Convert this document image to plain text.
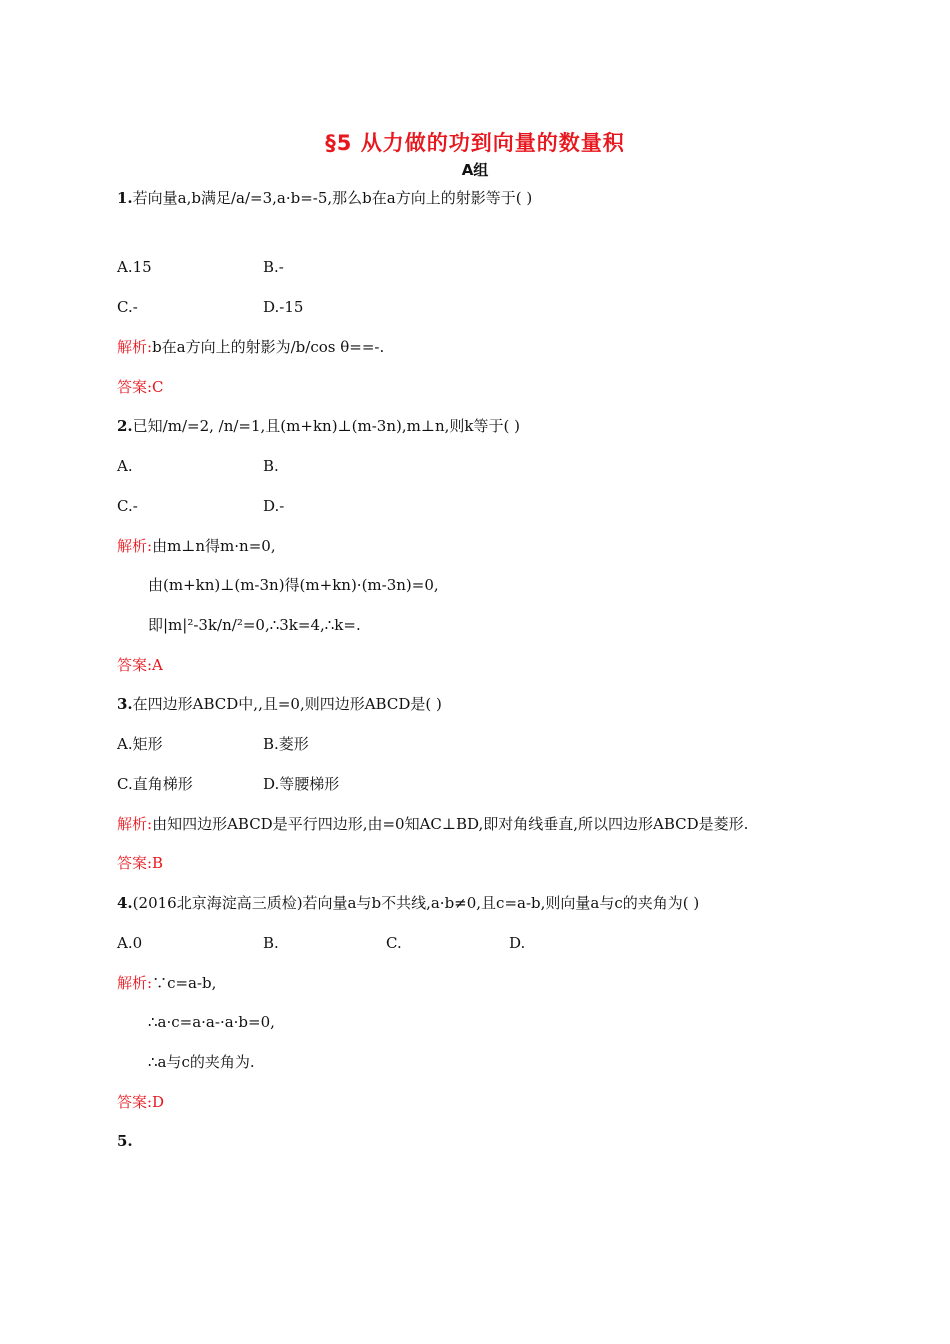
§5 从力做的功到向量的数量积
A组
1.若向量a,b满足/a/=3,a·b=-5,那么b在a方向上的射影等于( )
A.15	B.-
C.-	D.-15
解析:b在a方向上的射影为/b/cos θ==-.
答案:C
2.已知/m/=2, /n/=1,且(m+kn)⊥(m-3n),m⊥n,则k等于( )
A.	B.
C.-	D.-
解析:由m⊥n得m·n=0,
由(m+kn)⊥(m-3n)得(m+kn)·(m-3n)=0,
即|m|²-3k/n/²=0,∴3k=4,∴k=.
答案:A
3.在四边形ABCD中,,且=0,则四边形ABCD是( )
A.矩形	B.菱形
C.直角梯形	D.等腰梯形
解析:由知四边形ABCD是平行四边形,由=0知AC⊥BD,即对角线垂直,所以四边形ABCD是菱形.
答案:B
4.(2016北京海淀高三质检)若向量a与b不共线,a·b≠0,且c=a-b,则向量a与c的夹角为( )
A.0	B.	C.	D.
解析:∵c=a-b,
∴a·c=a·a-·a·b=0,
∴a与c的夹角为.
答案:D
5.
